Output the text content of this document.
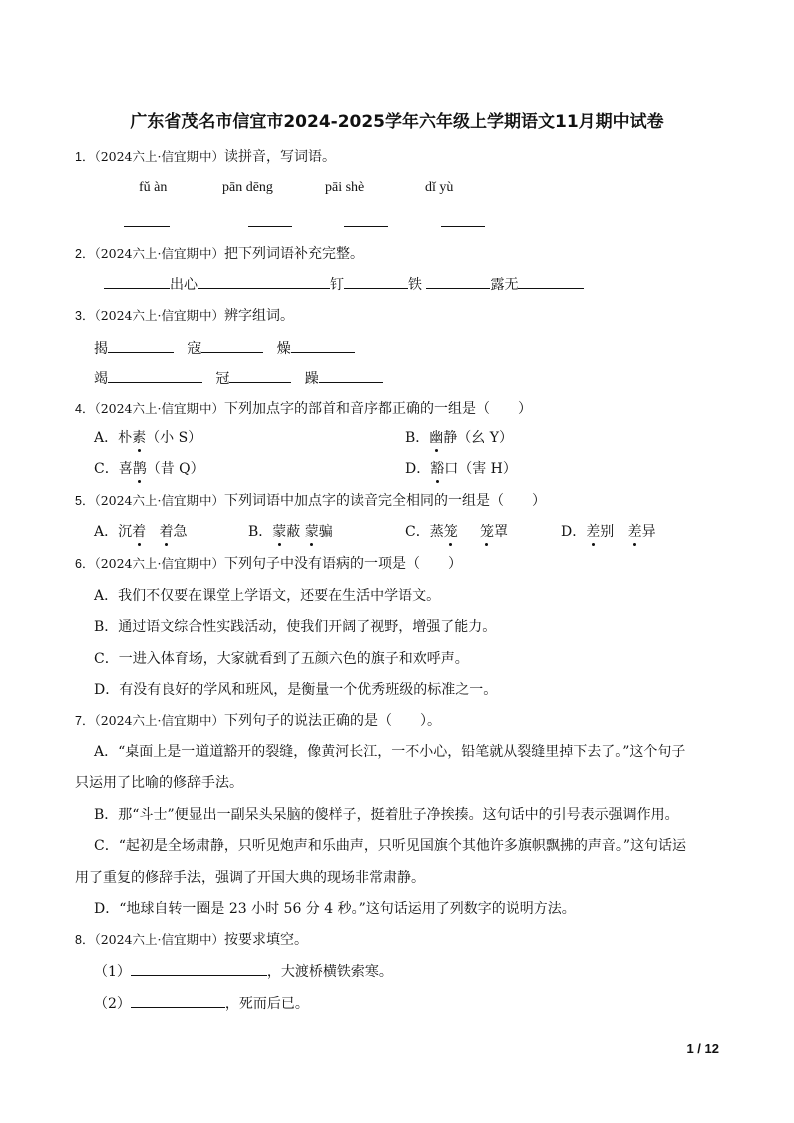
广东省茂名市信宜市2024-2025学年六年级上学期语文11月期中试卷
1．（2024六上·信宜期中）读拼音，写词语。
fǔ àn	pān dēng	pāi shè	dǐ yù
2．（2024六上·信宜期中）把下列词语补充完整。
出心	钉	铁	露无
3．（2024六上·信宜期中）辨字组词。
揭	寇	燥
竭	冠	躁
4．（2024六上·信宜期中）下列加点字的部首和音序都正确的一组是（　　）
A．朴素（小 S）	B．幽静（幺 Y）
C．喜鹊（昔 Q）	D．豁口（害 H）
5．（2024六上·信宜期中）下列词语中加点字的读音完全相同的一组是（　　）
A．沉着 着急	B．蒙蔽 蒙骗	C．蒸笼 笼罩	D．差别 差异
6．（2024六上·信宜期中）下列句子中没有语病的一项是（　　）
A．我们不仅要在课堂上学语文，还要在生活中学语文。
B．通过语文综合性实践活动，使我们开阔了视野，增强了能力。
C．一进入体育场，大家就看到了五颜六色的旗子和欢呼声。
D．有没有良好的学风和班风，是衡量一个优秀班级的标准之一。
7．（2024六上·信宜期中）下列句子的说法正确的是（　　）。
A．“桌面上是一道道豁开的裂缝，像黄河长江，一不小心，铅笔就从裂缝里掉下去了。”这个句子
只运用了比喻的修辞手法。
B．那“斗士”便显出一副呆头呆脑的傻样子，挺着肚子净挨揍。这句话中的引号表示强调作用。
C．“起初是全场肃静，只听见炮声和乐曲声，只听见国旗个其他许多旗帜飘拂的声音。”这句话运
用了重复的修辞手法，强调了开国大典的现场非常肃静。
D．“地球自转一圈是 23 小时 56 分 4 秒。”这句话运用了列数字的说明方法。
8．（2024六上·信宜期中）按要求填空。
（1）	，大渡桥横铁索寒。
（2）	，死而后已。
1 / 12
